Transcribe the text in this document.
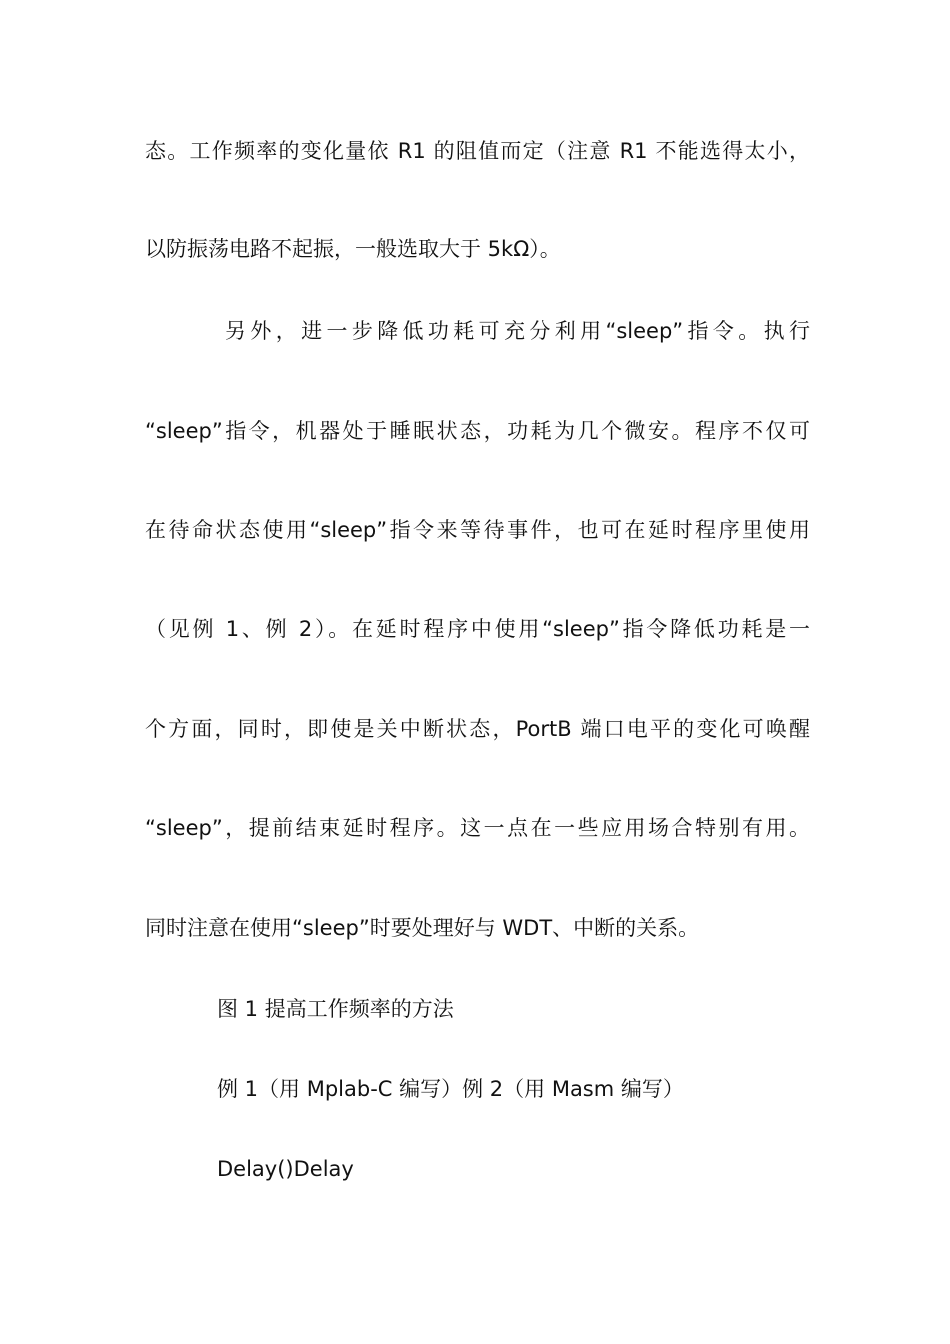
态。工作频率的变化量依 R1 的阻值而定（注意 R1 不能选得太小，
以防振荡电路不起振，一般选取大于 5kΩ）。
另外，进一步降低功耗可充分利用“sleep”指令。执行
“sleep”指令，机器处于睡眠状态，功耗为几个微安。程序不仅可
在待命状态使用“sleep”指令来等待事件，也可在延时程序里使用
（见例 1、例 2）。在延时程序中使用“sleep”指令降低功耗是一
个方面，同时，即使是关中断状态，PortB 端口电平的变化可唤醒
“sleep”，提前结束延时程序。这一点在一些应用场合特别有用。
同时注意在使用“sleep”时要处理好与 WDT、中断的关系。
图 1 提高工作频率的方法
例 1（用 Mplab-C 编写）例 2（用 Masm 编写）
Delay()Delay
